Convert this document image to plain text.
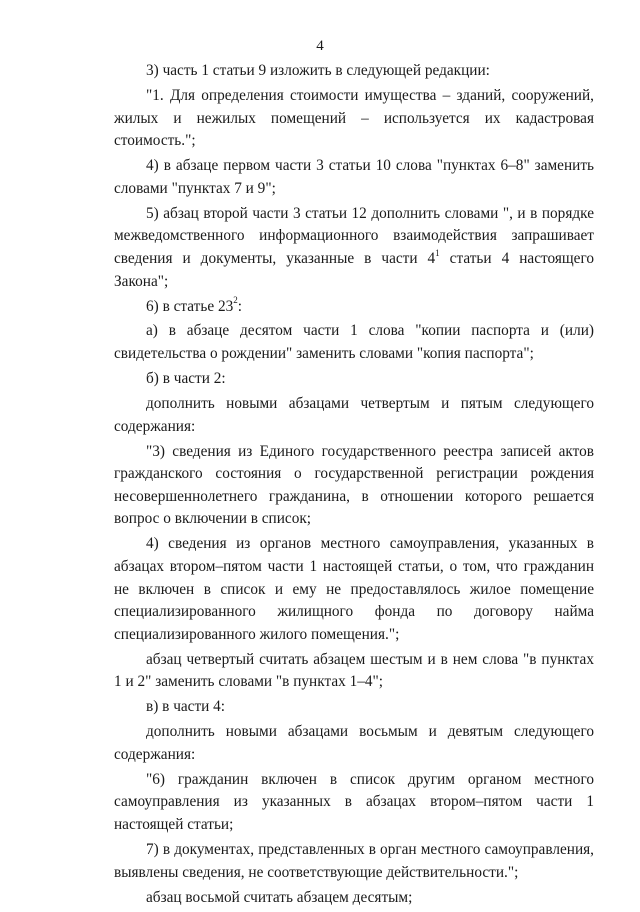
4

3) часть 1 статьи 9 изложить в следующей редакции:

"1. Для определения стоимости имущества – зданий, сооружений, жилых и нежилых помещений – используется их кадастровая стоимость.";

4) в абзаце первом части 3 статьи 10 слова "пунктах 6–8" заменить словами "пунктах 7 и 9";

5) абзац второй части 3 статьи 12 дополнить словами ", и в порядке межведомственного информационного взаимодействия запрашивает сведения и документы, указанные в части $4^1$ статьи 4 настоящего Закона";

6) в статье $23^2$:

а) в абзаце десятом части 1 слова "копии паспорта и (или) свидетельства о рождении" заменить словами "копия паспорта";

б) в части 2:

дополнить новыми абзацами четвертым и пятым следующего содержания:

"3) сведения из Единого государственного реестра записей актов гражданского состояния о государственной регистрации рождения несовершеннолетнего гражданина, в отношении которого решается вопрос о включении в список;

4) сведения из органов местного самоуправления, указанных в абзацах втором–пятом части 1 настоящей статьи, о том, что гражданин не включен в список и ему не предоставлялось жилое помещение специализированного жилищного фонда по договору найма специализированного жилого помещения.";

абзац четвертый считать абзацем шестым и в нем слова "в пунктах 1 и 2" заменить словами "в пунктах 1–4";

в) в части 4:

дополнить новыми абзацами восьмым и девятым следующего содержания:

"6) гражданин включен в список другим органом местного самоуправления из указанных в абзацах втором–пятом части 1 настоящей статьи;

7) в документах, представленных в орган местного самоуправления, выявлены сведения, не соответствующие действительности.";

абзац восьмой считать абзацем десятым;
